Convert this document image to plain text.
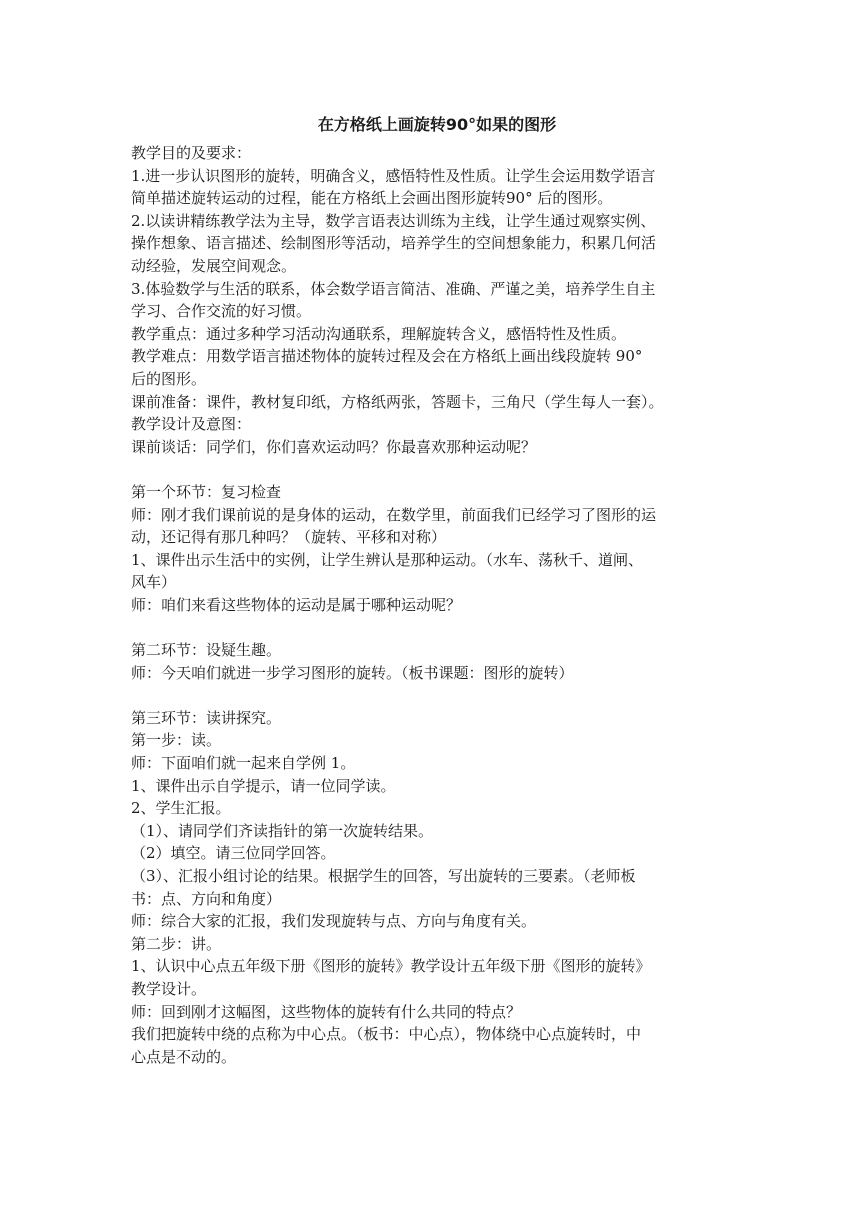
在方格纸上画旋转90°如果的图形
教学目的及要求：
1.进一步认识图形的旋转，明确含义，感悟特性及性质。让学生会运用数学语言
简单描述旋转运动的过程，能在方格纸上会画出图形旋转90° 后的图形。
2.以读讲精练教学法为主导，数学言语表达训练为主线，让学生通过观察实例、
操作想象、语言描述、绘制图形等活动，培养学生的空间想象能力，积累几何活
动经验，发展空间观念。
3.体验数学与生活的联系，体会数学语言简洁、准确、严谨之美，培养学生自主
学习、合作交流的好习惯。
教学重点：通过多种学习活动沟通联系，理解旋转含义，感悟特性及性质。
教学难点：用数学语言描述物体的旋转过程及会在方格纸上画出线段旋转 90°
后的图形。
课前准备：课件，教材复印纸，方格纸两张，答题卡，三角尺（学生每人一套）。
教学设计及意图：
课前谈话：同学们，你们喜欢运动吗？你最喜欢那种运动呢？
第一个环节：复习检查
师：刚才我们课前说的是身体的运动，在数学里，前面我们已经学习了图形的运
动，还记得有那几种吗？（旋转、平移和对称）
1、课件出示生活中的实例，让学生辨认是那种运动。（水车、荡秋千、道闸、
风车）
师：咱们来看这些物体的运动是属于哪种运动呢？
第二环节：设疑生趣。
师：今天咱们就进一步学习图形的旋转。（板书课题：图形的旋转）
第三环节：读讲探究。
第一步：读。
师：下面咱们就一起来自学例 1。
1、课件出示自学提示，请一位同学读。
2、学生汇报。
（1）、请同学们齐读指针的第一次旋转结果。
（2）填空。请三位同学回答。
（3）、汇报小组讨论的结果。根据学生的回答，写出旋转的三要素。（老师板
书：点、方向和角度）
师：综合大家的汇报，我们发现旋转与点、方向与角度有关。
第二步：讲。
1、认识中心点五年级下册《图形的旋转》教学设计五年级下册《图形的旋转》
教学设计。
师：回到刚才这幅图，这些物体的旋转有什么共同的特点？
我们把旋转中绕的点称为中心点。（板书：中心点），物体绕中心点旋转时，中
心点是不动的。
